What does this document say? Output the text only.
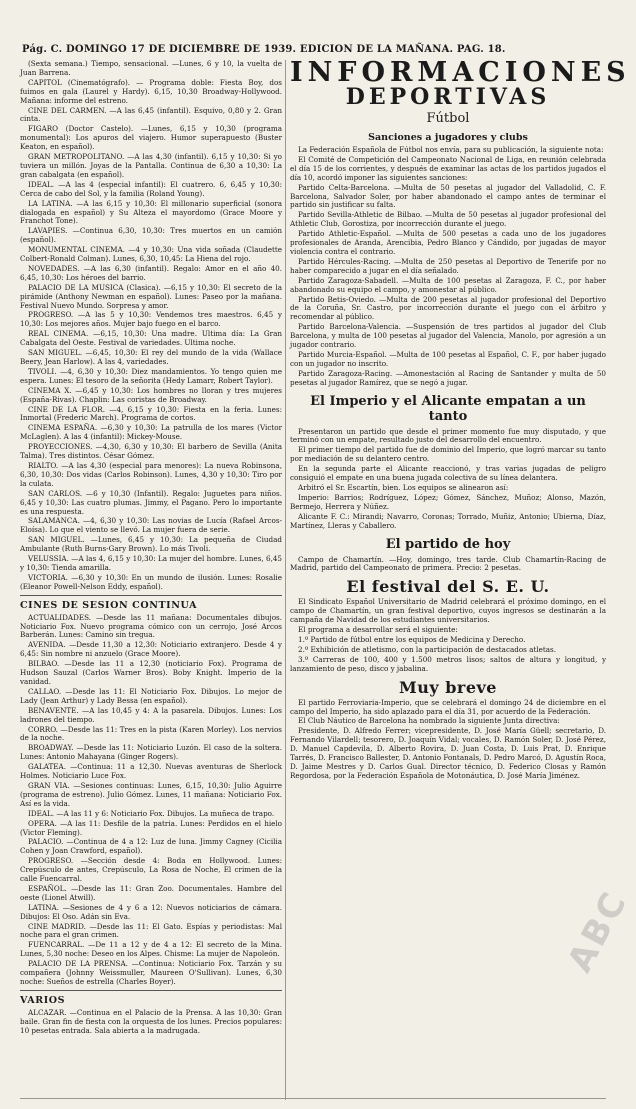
Pág. C. DOMINGO 17 DE DICIEMBRE DE 1939. EDICION DE LA MAÑANA. PAG. 18.

(Sexta semana.) Tiempo, sensacional. —Lunes, 6 y 10, la vuelta de Juan Barrena.

CAPITOL (Cinematógrafo). — Programa doble: Fiesta Boy, dos fuimos en gala (Laurel y Hardy). 6,15, 10,30 Broadway-Hollywood. Mañana: informe del estreno.

CINE DEL CARMEN. —A las 6,45 (infantil). Esquivo, 0,80 y 2. Gran cinta.

FIGARO (Doctor Castelo). —Lunes, 6,15 y 10,30 (programa monumental): Los apuros del viajero. Humor superapuesto (Buster Keaton, en español).

GRAN METROPOLITANO. —A las 4,30 (infantil). 6,15 y 10,30: Si yo tuviera un millón. Joyas de la Pantalla. Continua de 6,30 a 10,30: La gran cabalgata (en español).

IDEAL. —A las 4 (especial infantil): El cuatrero. 6, 6,45 y 10,30: Cerca de cabo del Sol, y la familia (Roland Young).

LA LATINA. —A las 6,15 y 10,30: El millonario superficial (sonora dialogada en español) y Su Alteza el mayordomo (Grace Moore y Franchot Tone).

LAVAPIES. —Continua 6,30, 10,30: Tres muertos en un camión (español).

MONUMENTAL CINEMA. —4 y 10,30: Una vida soñada (Claudette Colbert-Ronald Colman). Lunes, 6,30, 10,45: La Hiena del rojo.

NOVEDADES. —A las 6,30 (infantil). Regalo: Amor en el año 40. 6,45, 10,30: Los héroes del barrio.

PALACIO DE LA MUSICA (Clasica). —6,15 y 10,30: El secreto de la pirámide (Anthony Newman en español). Lunes: Paseo por la mañana. Festival Nuevo Mundo. Sorpresa y amor.

PROGRESO. —A las 5 y 10,30: Vendemos tres maestros. 6,45 y 10,30: Los mejores años. Mujer bajo fuego en el barco.

REAL CINEMA. —6,15, 10,30: Una madre. Ultima día: La Gran Cabalgata del Oeste. Festival de variedades. Ultima noche.

SAN MIGUEL. —6,45, 10,30: El rey del mundo de la vida (Wallace Beery, Jean Harlow). A las 4, variedades.

TIVOLI. —4, 6,30 y 10,30: Diez mandamientos. Yo tengo quien me espera. Lunes: El tesoro de la señorita (Hedy Lamarr, Robert Taylor).

CINEMA X. —6,45 y 10,30: Los hombres no lloran y tres mujeres (España-Rivas). Chaplin: Las coristas de Broadway.

CINE DE LA FLOR. —4, 6,15 y 10,30: Fiesta en la feria. Lunes: Inmortal (Frederic March). Programa de cortos.

CINEMA ESPAÑA. —6,30 y 10,30: La patrulla de los mares (Victor McLaglen). A las 4 (infantil): Mickey-Mouse.

PROYECCIONES. —4,30, 6,30 y 10,30: El barbero de Sevilla (Anita Talma). Tres distintos. César Gómez.

RIALTO. —A las 4,30 (especial para menores): La nueva Robinsona, 6,30, 10,30: Dos vidas (Carlos Robinson). Lunes, 4,30 y 10,30: Tiro por la culata.

SAN CARLOS. —6 y 10,30 (Infantil). Regalo: Juguetes para niños. 6,45 y 10,30: Las cuatro plumas. Jimmy, el Pagano. Pero lo importante es una respuesta.

SALAMANCA. —4, 6,30 y 10,30: Las novias de Lucía (Rafael Arcos-Eloísa). Lo que el viento se llevó. La mujer fuera de serie.

SAN MIGUEL. —Lunes, 6,45 y 10,30: La pequeña de Ciudad Ambulante (Ruth Burns-Gary Brown). Lo más Tivoli.

VELUSSIA. —A las 4, 6,15 y 10,30: La mujer del hombre. Lunes, 6,45 y 10,30: Tienda amarilla.

VICTORIA. —6,30 y 10,30: En un mundo de ilusión. Lunes: Rosalie (Eleanor Powell-Nelson Eddy, español).

CINES DE SESION CONTINUA

ACTUALIDADES. —Desde las 11 mañana: Documentales dibujos. Noticiario Fox. Nuevo programa cómico con un cerrojo, José Arcos Barberán. Lunes: Camino sin tregua.

AVENIDA. —Desde 11,30 a 12,30: Noticiario extranjero. Desde 4 y 6,45: Sin nombre ni anzuelo (Grace Moore).

BILBAO. —Desde las 11 a 12,30 (noticiario Fox). Programa de Hudson Sauzal (Carlos Warner Bros). Boby Knight. Imperio de la vanidad.

CALLAO. —Desde las 11: El Noticiario Fox. Dibujos. Lo mejor de Lady (Jean Arthur) y Lady Bessa (en español).

BENAVENTE. —A las 10,45 y 4: A la pasarela. Dibujos. Lunes: Los ladrones del tiempo.

CORRO. —Desde las 11: Tres en la pista (Karen Morley). Los nervios de la noche.

BROADWAY. —Desde las 11: Noticiario Luzón. El caso de la soltera. Lunes: Antonio Mahayana (Ginger Rogers).

GALATEA. —Continua: 11 a 12,30. Nuevas aventuras de Sherlock Holmes. Noticiario Luce Fox.

GRAN VIA. —Sesiones continuas: Lunes, 6,15, 10,30: Julio Aguirre (programa de estreno). Julio Gómez. Lunes, 11 mañana: Noticiario Fox. Así es la vida.

IDEAL. —A las 11 y 6: Noticiario Fox. Dibujos. La muñeca de trapo.

OPERA. —A las 11: Desfile de la patria. Lunes: Perdidos en el hielo (Victor Fleming).

PALACIO. —Continua de 4 a 12: Luz de luna. Jimmy Cagney (Cicilia Cohen y Joan Crawford, español).

PROGRESO. —Sección desde 4: Boda en Hollywood. Lunes: Crepúsculo de antes, Crepúsculo, La Rosa de Noche, El crimen de la calle Fuencarral.

ESPAÑOL. —Desde las 11: Gran Zoo. Documentales. Hambre del oeste (Lionel Atwill).

LATINA. —Sesiones de 4 y 6 a 12: Nuevos noticiarios de cámara. Dibujos: El Oso. Adán sin Eva.

CINE MADRID. —Desde las 11: El Gato. Espías y periodistas: Mal noche para el gran crimen.

FUENCARRAL. —De 11 a 12 y de 4 a 12: El secreto de la Mina. Lunes, 5,30 noche: Deseo en los Alpes. Chisme: La mujer de Napoleón.

PALACIO DE LA PRENSA. —Continua: Noticiario Fox. Tarzán y su compañera (Johnny Weissmuller, Maureen O'Sullivan). Lunes, 6,30 noche: Sueños de estrella (Charles Boyer).

VARIOS

ALCAZAR. —Continua en el Palacio de la Prensa. A las 10,30: Gran baile. Gran fin de fiesta con la orquesta de los lunes. Precios populares: 10 pesetas entrada. Sala abierta a la madrugada.

INFORMACIONES
DEPORTIVAS
Fútbol
Sanciones a jugadores y clubs

La Federación Española de Fútbol nos envía, para su publicación, la siguiente nota:

El Comité de Competición del Campeonato Nacional de Liga, en reunión celebrada el día 15 de los corrientes, y después de examinar las actas de los partidos jugados el día 10, acordó imponer las siguientes sanciones:

Partido Celta-Barcelona. —Multa de 50 pesetas al jugador del Valladolid, C. F. Barcelona, Salvador Soler, por haber abandonado el campo antes de terminar el partido sin justificar su falta.

Partido Sevilla-Athletic de Bilbao. —Multa de 50 pesetas al jugador profesional del Athletic Club, Gorostiza, por incorrección durante el juego.

Partido Athletic-Español. —Multa de 500 pesetas a cada uno de los jugadores profesionales de Aranda, Arencibia, Pedro Blanco y Cándido, por jugadas de mayor violencia contra el contrario.

Partido Hércules-Racing. —Multa de 250 pesetas al Deportivo de Tenerife por no haber comparecido a jugar en el día señalado.

Partido Zaragoza-Sabadell. —Multa de 100 pesetas al Zaragoza, F. C., por haber abandonado su equipo el campo, y amonestar al público.

Partido Betis-Oviedo. —Multa de 200 pesetas al jugador profesional del Deportivo de la Coruña, Sr. Castro, por incorrección durante el juego con el árbitro y recomendar al público.

Partido Barcelona-Valencia. —Suspensión de tres partidos al jugador del Club Barcelona, y multa de 100 pesetas al jugador del Valencia, Manolo, por agresión a un jugador contrario.

Partido Murcia-Español. —Multa de 100 pesetas al Español, C. F., por haber jugado con un jugador no inscrito.

Partido Zaragoza-Racing. —Amonestación al Racing de Santander y multa de 50 pesetas al jugador Ramírez, que se negó a jugar.

El Imperio y el Alicante empatan a un tanto

Presentaron un partido que desde el primer momento fue muy disputado, y que terminó con un empate, resultado justo del desarrollo del encuentro.

El primer tiempo del partido fue de dominio del Imperio, que logró marcar su tanto por mediación de su delantero centro.

En la segunda parte el Alicante reaccionó, y tras varias jugadas de peligro consiguió el empate en una buena jugada colectiva de su línea delantera.

Arbitró el Sr. Escartín, bien. Los equipos se alinearon así:

Imperio: Barrios; Rodríguez, López; Gómez, Sánchez, Muñoz; Alonso, Mazón, Bermejo, Herrera y Núñez.

Alicante F. C.: Mirandi; Navarro, Coronas; Torrado, Muñiz, Antonio; Ubierna, Díaz, Martínez, Lleras y Caballero.

El partido de hoy

Campo de Chamartín. —Hoy, domingo, tres tarde. Club Chamartín-Racing de Madrid, partido del Campeonato de primera. Precio: 2 pesetas.

El festival del S. E. U.

El Sindicato Español Universitario de Madrid celebrará el próximo domingo, en el campo de Chamartín, un gran festival deportivo, cuyos ingresos se destinarán a la campaña de Navidad de los estudiantes universitarios.

El programa a desarrollar será el siguiente:

1.º Partido de fútbol entre los equipos de Medicina y Derecho.

2.º Exhibición de atletismo, con la participación de destacados atletas.

3.º Carreras de 100, 400 y 1.500 metros lisos; saltos de altura y longitud, y lanzamiento de peso, disco y jabalina.

Muy breve

El partido Ferroviaria-Imperio, que se celebrará el domingo 24 de diciembre en el campo del Imperio, ha sido aplazado para el día 31, por acuerdo de la Federación.

El Club Náutico de Barcelona ha nombrado la siguiente Junta directiva:

Presidente, D. Alfredo Ferrer; vicepresidente, D. José María Güell; secretario, D. Fernando Vilardell; tesorero, D. Joaquín Vidal; vocales, D. Ramón Soler, D. José Pérez, D. Manuel Capdevila, D. Alberto Rovira, D. Juan Costa, D. Luis Prat, D. Enrique Tarrés, D. Francisco Ballester, D. Antonio Fontanals, D. Pedro Marcó, D. Agustín Roca, D. Jaime Mestres y D. Carlos Gual. Director técnico, D. Federico Closas y Ramón Regordosa, por la Federación Española de Motonáutica, D. José María Jiménez.

ABC
